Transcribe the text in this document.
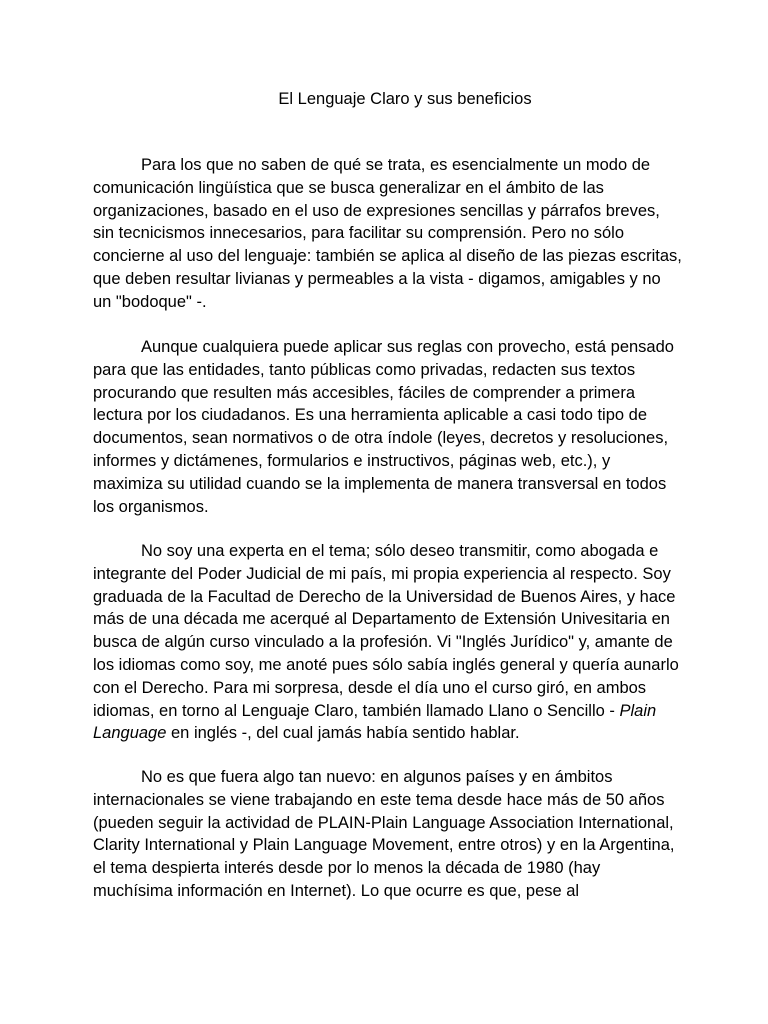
El Lenguaje Claro y sus beneficios
Para los que no saben de qué se trata, es esencialmente un modo de
comunicación lingüística que se busca generalizar en el ámbito de las
organizaciones, basado en el uso de expresiones sencillas y párrafos breves,
sin tecnicismos innecesarios, para facilitar su comprensión. Pero no sólo
concierne al uso del lenguaje: también se aplica al diseño de las piezas escritas,
que deben resultar livianas y permeables a la vista - digamos, amigables y no
un "bodoque" -.
Aunque cualquiera puede aplicar sus reglas con provecho, está pensado
para que las entidades, tanto públicas como privadas, redacten sus textos
procurando que resulten más accesibles, fáciles de comprender a primera
lectura por los ciudadanos. Es una herramienta aplicable a casi todo tipo de
documentos, sean normativos o de otra índole (leyes, decretos y resoluciones,
informes y dictámenes, formularios e instructivos, páginas web, etc.), y
maximiza su utilidad cuando se la implementa de manera transversal en todos
los organismos.
No soy una experta en el tema; sólo deseo transmitir, como abogada e
integrante del Poder Judicial de mi país, mi propia experiencia al respecto. Soy
graduada de la Facultad de Derecho de la Universidad de Buenos Aires, y hace
más de una década me acerqué al Departamento de Extensión Univesitaria en
busca de algún curso vinculado a la profesión. Vi "Inglés Jurídico" y, amante de
los idiomas como soy, me anoté pues sólo sabía inglés general y quería aunarlo
con el Derecho. Para mi sorpresa, desde el día uno el curso giró, en ambos
idiomas, en torno al Lenguaje Claro, también llamado Llano o Sencillo - Plain
Language en inglés -, del cual jamás había sentido hablar.
No es que fuera algo tan nuevo: en algunos países y en ámbitos
internacionales se viene trabajando en este tema desde hace más de 50 años
(pueden seguir la actividad de PLAIN-Plain Language Association International,
Clarity International y Plain Language Movement, entre otros) y en la Argentina,
el tema despierta interés desde por lo menos la década de 1980 (hay
muchísima información en Internet). Lo que ocurre es que, pese al
